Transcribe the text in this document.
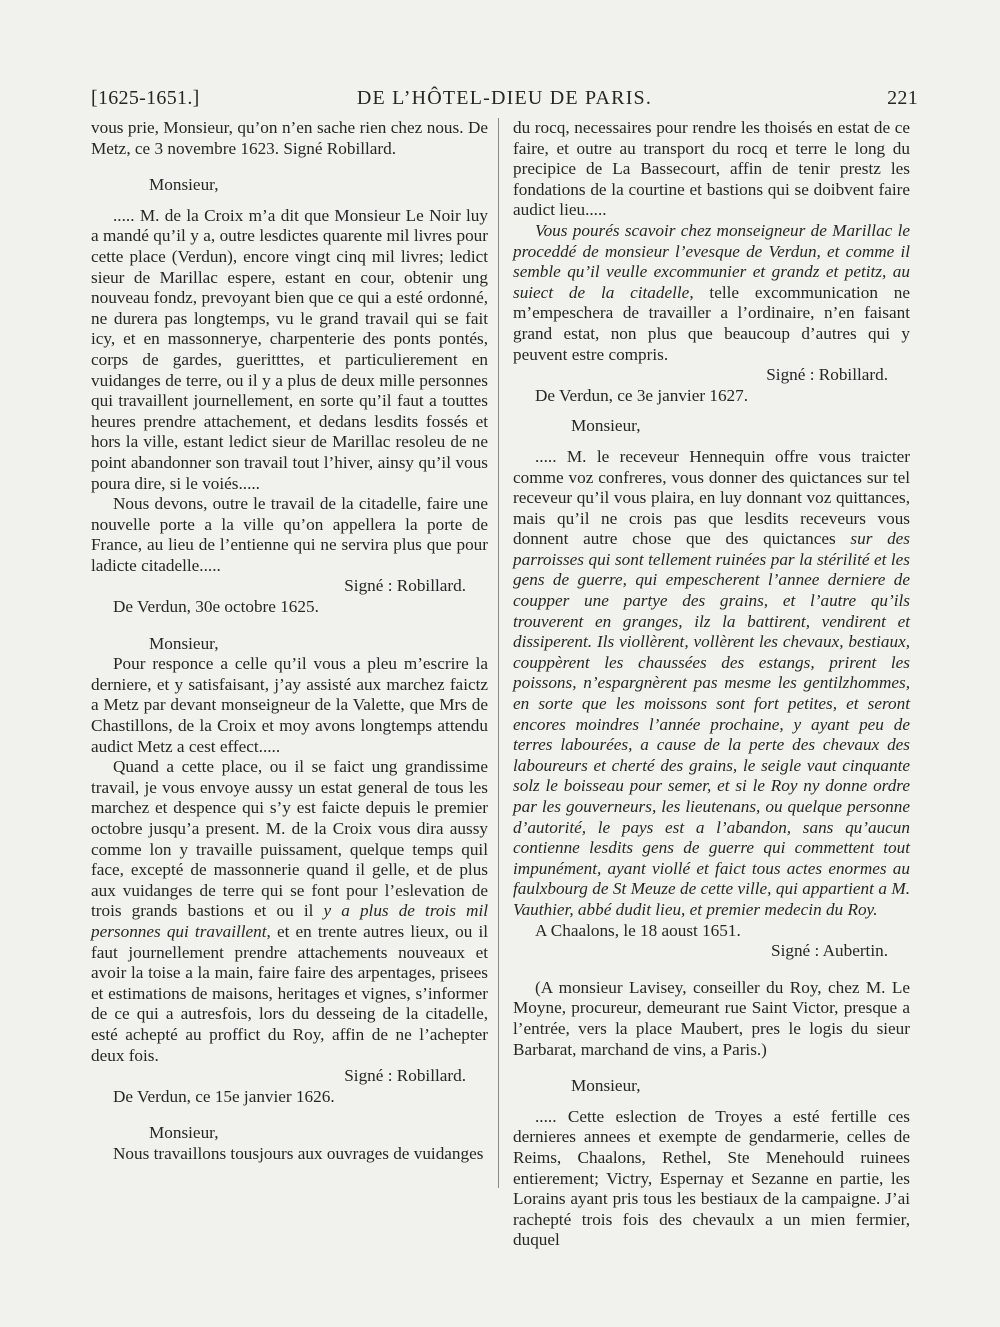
[1625-1651.]	DE L’HÔTEL-DIEU DE PARIS.	221

vous prie, Monsieur, qu’on n’en sache rien chez nous. De Metz, ce 3 novembre 1623. Signé Robillard.

Monsieur,

..... M. de la Croix m’a dit que Monsieur Le Noir luy a mandé qu’il y a, outre lesdictes quarente mil livres pour cette place (Verdun), encore vingt cinq mil livres; ledict sieur de Marillac espere, estant en cour, obtenir ung nouveau fondz, prevoyant bien que ce qui a esté ordonné, ne durera pas longtemps, vu le grand travail qui se fait icy, et en massonnerye, charpenterie des ponts pontés, corps de gardes, gueritttes, et particulierement en vuidanges de terre, ou il y a plus de deux mille personnes qui travaillent journellement, en sorte qu’il faut a touttes heures prendre attachement, et dedans lesdits fossés et hors la ville, estant ledict sieur de Marillac resoleu de ne point abandonner son travail tout l’hiver, ainsy qu’il vous poura dire, si le voiés.....

Nous devons, outre le travail de la citadelle, faire une nouvelle porte a la ville qu’on appellera la porte de France, au lieu de l’entienne qui ne servira plus que pour ladicte citadelle.....

Signé : Robillard.

De Verdun, 30e octobre 1625.

Monsieur,

Pour responce a celle qu’il vous a pleu m’escrire la derniere, et y satisfaisant, j’ay assisté aux marchez faictz a Metz par devant monseigneur de la Valette, que Mrs de Chastillons, de la Croix et moy avons longtemps attendu audict Metz a cest effect.....

Quand a cette place, ou il se faict ung grandissime travail, je vous envoye aussy un estat general de tous les marchez et despence qui s’y est faicte depuis le premier octobre jusqu’a present. M. de la Croix vous dira aussy comme lon y travaille puissament, quelque temps quil face, excepté de massonnerie quand il gelle, et de plus aux vuidanges de terre qui se font pour l’eslevation de trois grands bastions et ou il y a plus de trois mil personnes qui travaillent, et en trente autres lieux, ou il faut journellement prendre attachements nouveaux et avoir la toise a la main, faire faire des arpentages, prisees et estimations de maisons, heritages et vignes, s’informer de ce qui a autresfois, lors du desseing de la citadelle, esté achepté au proffict du Roy, affin de ne l’achepter deux fois.

Signé : Robillard.

De Verdun, ce 15e janvier 1626.

Monsieur,

Nous travaillons tousjours aux ouvrages de vuidanges

du rocq, necessaires pour rendre les thoisés en estat de ce faire, et outre au transport du rocq et terre le long du precipice de La Bassecourt, affin de tenir prestz les fondations de la courtine et bastions qui se doibvent faire audict lieu.....

Vous pourés scavoir chez monseigneur de Marillac le proceddé de monsieur l’evesque de Verdun, et comme il semble qu’il veulle excommunier et grandz et petitz, au suiect de la citadelle, telle excommunication ne m’empeschera de travailler a l’ordinaire, n’en faisant grand estat, non plus que beaucoup d’autres qui y peuvent estre compris.

Signé : Robillard.

De Verdun, ce 3e janvier 1627.

Monsieur,

..... M. le receveur Hennequin offre vous traicter comme voz confreres, vous donner des quictances sur tel receveur qu’il vous plaira, en luy donnant voz quittances, mais qu’il ne crois pas que lesdits receveurs vous donnent autre chose que des quictances sur des parroisses qui sont tellement ruinées par la stérilité et les gens de guerre, qui empescherent l’annee derniere de coupper une partye des grains, et l’autre qu’ils trouverent en granges, ilz la battirent, vendirent et dissiperent. Ils viollèrent, vollèrent les chevaux, bestiaux, couppèrent les chaussées des estangs, prirent les poissons, n’espargnèrent pas mesme les gentilzhommes, en sorte que les moissons sont fort petites, et seront encores moindres l’année prochaine, y ayant peu de terres labourées, a cause de la perte des chevaux des laboureurs et cherté des grains, le seigle vaut cinquante solz le boisseau pour semer, et si le Roy ny donne ordre par les gouverneurs, les lieutenans, ou quelque personne d’autorité, le pays est a l’abandon, sans qu’aucun contienne lesdits gens de guerre qui commettent tout impunément, ayant viollé et faict tous actes enormes au faulxbourg de St Meuze de cette ville, qui appartient a M. Vauthier, abbé dudit lieu, et premier medecin du Roy.

A Chaalons, le 18 aoust 1651.

Signé : Aubertin.

(A monsieur Lavisey, conseiller du Roy, chez M. Le Moyne, procureur, demeurant rue Saint Victor, presque a l’entrée, vers la place Maubert, pres le logis du sieur Barbarat, marchand de vins, a Paris.)

Monsieur,

..... Cette eslection de Troyes a esté fertille ces dernieres annees et exempte de gendarmerie, celles de Reims, Chaalons, Rethel, Ste Menehould ruinees entierement; Victry, Espernay et Sezanne en partie, les Lorains ayant pris tous les bestiaux de la campaigne. J’ai rachepté trois fois des chevaulx a un mien fermier, duquel
